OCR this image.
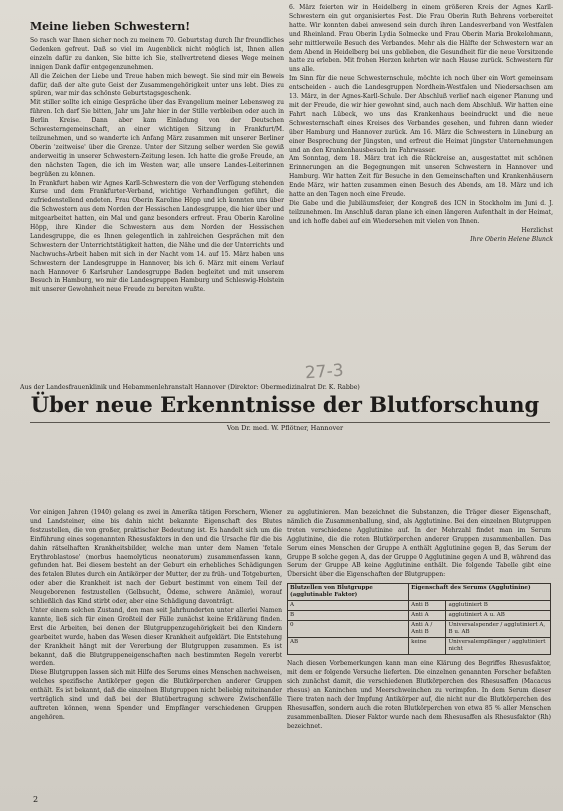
Meine lieben Schwestern!

So rasch war Ihnen sicher noch zu meinem 70. Geburtstag durch Ihr freundliches Gedenken gefreut. Daß so viel im Augenblick nicht möglich ist, Ihnen allen einzeln dafür zu danken, Sie bitte ich Sie, stellvertretend dieses Wege meinen innigen Dank dafür entgegenzunehmen.

All die Zeichen der Liebe und Treue haben mich bewegt. Sie sind mir ein Beweis dafür, daß der alte gute Geist der Zusammengehörigkeit unter uns lebt. Dies zu spüren, war mir das schönste Geburtstagsgeschenk.

Mit stiller sollte ich einige Gespräche über das Evangelium meiner Lebensweg zu führen. Ich darf Sie bitten, Jahr um Jahr hier in der Stille verbleiben oder auch in Berlin Kreise. Dann aber kam Einladung von der Deutschen Schwesterngemeinschaft, an einer wichtigen Sitzung in Frankfurt/M. teilzunehmen, und so wanderte ich Anfang März zusammen mit unserer Berliner Oberin 'zeitweise' über die Grenze. Unter der Sitzung selber werden Sie gewiß anderweitig in unserer Schwestern-Zeitung lesen. Ich hatte die große Freude, an den nächsten Tagen, die ich im Westen war, alle unsere Landes-Leiterinnen begrüßen zu können.

In Frankfurt haben wir Agnes Karll-Schwestern die von der Verfügung stehenden Kurse und dem Frankfurter-Verband, wichtige Verhandlungen geführt, die zufriedenstellend endeten. Frau Oberin Karoline Höpp und ich konnten uns über die Schwestern aus dem Norden der Hessischen Landesgruppe, die hier über und mitgearbeitet hatten, ein Mal und ganz besonders erfreut. Frau Oberin Karoline Höpp, ihre Kinder die Schwestern aus dem Norden der Hessischen Landesgruppe, die es Ihnen gelegentlich in zahlreichen Gesprächen mit den Schwestern der Unterrichtstätigkeit hatten, die Nähe und die der Unterrichts und Nachwuchs-Arbeit haben mit sich in der Nacht vom 14. auf 15. März haben uns Schwestern der Landesgruppe in Hannover, bis ich 6. März mit einem Verlauf nach Hannover 6 Karlsruher Landesgruppe Baden begleitet und mit unserem Besuch in Hamburg, wo mir die Landesgruppen Hamburg und Schleswig-Holstein mit unserer Gewohnheit neue Freude zu bereiten wußte.

6. März feierten wir in Heidelberg in einem größeren Kreis der Agnes Karll-Schwestern ein gut organisiertes Fest. Die Frau Oberin Ruth Behrens vorbereitet hatte. Wir konnten dabei anwesend sein durch ihren Landesverband von Westfalen und Rheinland. Frau Oberin Lydia Solmecke und Frau Oberin Maria Brokelohmann, sehr mittlerweile Besuch des Verbandes. Mehr als die Hälfte der Schwestern war an dem Abend in Heidelberg bei uns geblieben, die Gesundheit für die neue Vorsitzende hatte zu erleben. Mit frohen Herzen kehrten wir nach Hause zurück. Schwestern für uns alle.

Im Sinn für die neue Schwesternschule, möchte ich noch über ein Wort gemeinsam entscheiden - auch die Landesgruppen Nordhein-Westfalen und Niedersachsen am 13. März, in der Agnes-Karll-Schule. Der Abschluß verlief nach eigener Planung und mit der Freude, die wir hier gewohnt sind, auch nach dem Abschluß. Wir hatten eine Fahrt nach Lübeck, wo uns das Krankenhaus beeindruckt und die neue Schwesternschaft eines Kreises des Verbandes gesehen, und fuhren dann wieder über Hamburg und Hannover zurück. Am 16. März die Schwestern in Lüneburg an einer Besprechung der Jüngsten, und erfreut die Heimat jüngster Unternehmungen und an den Krankenhausbesuch im Fahrwasser.

Am Sonntag, dem 18. März trat ich die Rückreise an, ausgestattet mit schönen Erinnerungen an die Begegnungen mit unseren Schwestern in Hannover und Hamburg. Wir hatten Zeit für Besuche in den Gemeinschaften und Krankenhäusern Ende März, wir hatten zusammen einen Besuch des Abends, am 18. März und ich hatte an den Tagen noch eine Freude.

Die Gabe und die Jubiläumsfeier, der Kongreß des ICN in Stockholm im Juni d. J. teilzunehmen. Im Anschluß daran plane ich einen längeren Aufenthalt in der Heimat, und ich hoffe dabei auf ein Wiedersehen mit vielen von Ihnen.

Herzlichst
Ihre Oberin Helene Blunck
27-3
Aus der Landesfrauenklinik und Hebammenlehranstalt Hannover (Direktor: Obermedizinalrat Dr. K. Rabbe)
Über neue Erkenntnisse der Blutforschung
Von Dr. med. W. Pflötner, Hannover

Vor einigen Jahren (1940) gelang es zwei in Amerika tätigen Forschern, Wiener und Landsteiner, eine bis dahin nicht bekannte Eigenschaft des Blutes festzustellen, die von großer, praktischer Bedeutung ist. Es handelt sich um die Einführung eines sogenannten Rhesusfaktors in den und die Ursache für die bis dahin rätselhaften Krankheitsbilder, welche man unter dem Namen 'fetale Erythroblastose' (morbus haemolyticus neonatorum) zusammenfassen kann, gefunden hat. Bei diesem besteht an der Geburt ein erhebliches Schädigungen des fetalen Blutes durch ein Antikörper der Mutter, der zu früh- und Totgeburten, oder aber die Krankheit ist nach der Geburt bestimmt von einem Teil der Neugeborenen festzustellen (Gelbsucht, Ödeme, schwere Anämie), worauf schließlich das Kind stirbt oder, aber eine Schädigung davonträgt.

Unter einem solchen Zustand, den man seit Jahrhunderten unter allerlei Namen kannte, ließ sich für einen Großteil der Fälle zunächst keine Erklärung finden. Erst die Arbeiten, bei denen der Blutgruppenzugehörigkeit bei den Kindern gearbeitet wurde, haben das Wesen dieser Krankheit aufgeklärt. Die Entstehung der Krankheit hängt mit der Vererbung der Blutgruppen zusammen. Es ist bekannt, daß die Blutgruppeneigenschaften nach bestimmten Regeln vererbt werden.

Diese Blutgruppen lassen sich mit Hilfe des Serums eines Menschen nachweisen, welches spezifische Antikörper gegen die Blutkörperchen anderer Gruppen enthält. Es ist bekannt, daß die einzelnen Blutgruppen nicht beliebig miteinander verträglich sind und daß bei der Blutübertragung schwere Zwischenfälle auftreten können, wenn Spender und Empfänger verschiedenen Gruppen angehören.

zu agglutinieren. Man bezeichnet die Substanzen, die Träger dieser Eigenschaft, nämlich die Zusammenballung, sind, als Agglutinine. Bei den einzelnen Blutgruppen treten verschiedene Agglutinine auf. In der Mehrzahl findet man im Serum Agglutinine, die die roten Blutkörperchen anderer Gruppen zusammenballen. Das Serum eines Menschen der Gruppe A enthält Agglutinine gegen B, das Serum der Gruppe B solche gegen A, das der Gruppe 0 Agglutinine gegen A und B, während das Serum der Gruppe AB keine Agglutinine enthält. Die folgende Tabelle gibt eine Übersicht über die Eigenschaften der Blutgruppen:

Blutzellen von Blutgruppe (agglutinable Faktor)	Eigenschaft des Serums (Agglutinine)	
A	Anti B	agglutiniert B
B	Anti A	agglutiniert A u. AB
0	Anti A / Anti B	Universalspender / agglutiniert A, B u. AB
AB	keine	Universalempfänger / agglutiniert nicht

Nach diesen Vorbemerkungen kann man eine Klärung des Begriffes Rhesusfaktor, mit dem er folgende Versuche lieferten. Die einzelnen genannten Forscher befaßten sich zunächst damit, die verschiedenen Blutkörperchen des Rhesusaffen (Macacus rhesus) an Kaninchen und Meerschweinchen zu verimpfen. In dem Serum dieser Tiere traten nach der Impfung Antikörper auf, die nicht nur die Blutkörperchen des Rhesusaffen, sondern auch die roten Blutkörperchen von etwa 85 % aller Menschen zusammenballten. Dieser Faktor wurde nach dem Rhesusaffen als Rhesusfaktor (Rh) bezeichnet.

2
